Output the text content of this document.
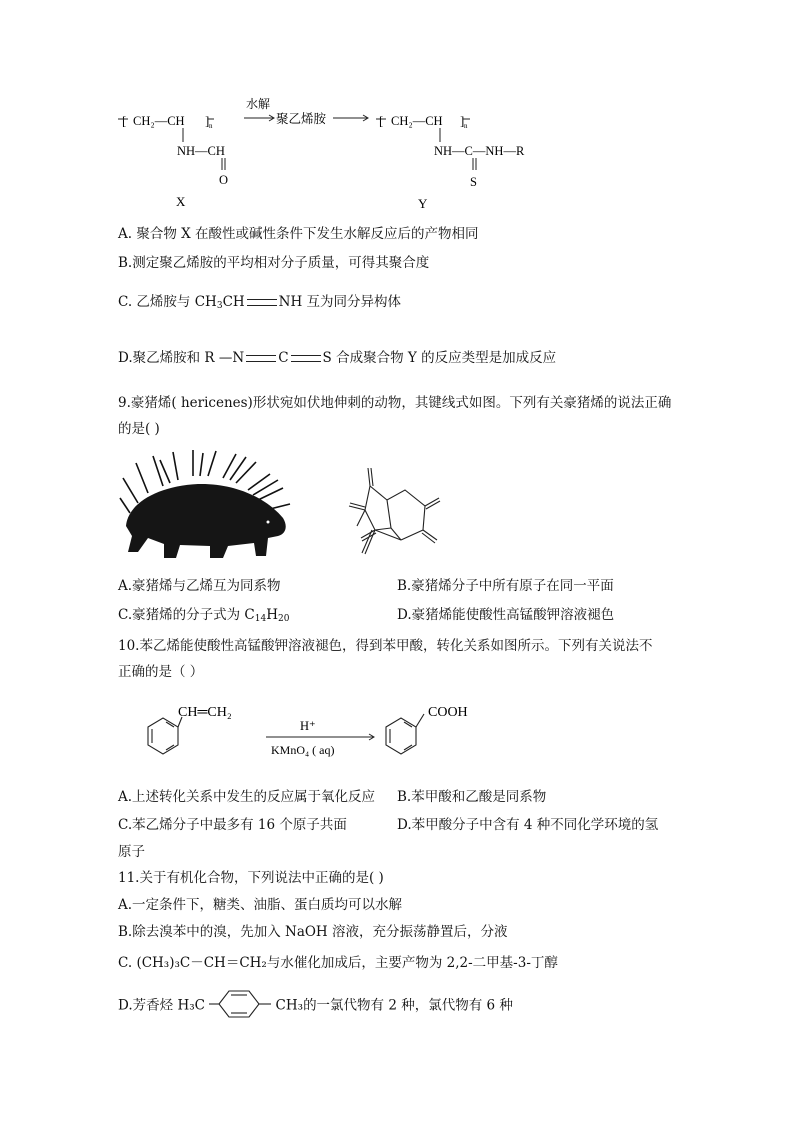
[ CH₂—CH ] n
NH—CH
O
X
水解
聚乙烯胺	[ CH₂—CH ] n
NH—C—NH—R
S
Y
A. 聚合物 X 在酸性或碱性条件下发生水解反应后的产物相同
B.测定聚乙烯胺的平均相对分子质量，可得其聚合度
C. 乙烯胺与 $CH_3CH$	NH 互为同分异构体
D.聚乙烯胺和 R —N	C	S 合成聚合物 Y 的反应类型是加成反应
9.豪猪烯( hericenes)形状宛如伏地伸刺的动物，其键线式如图。下列有关豪猪烯的说法正确
的是( )
A.豪猪烯与乙烯互为同系物	B.豪猪烯分子中所有原子在同一平面
C.豪猪烯的分子式为 $C_{14}H_{20}$	D.豪猪烯能使酸性高锰酸钾溶液褪色
10.苯乙烯能使酸性高锰酸钾溶液褪色，得到苯甲酸，转化关系如图所示。下列有关说法不
正确的是（ ）
CH═CH₂
H⁺
KMnO₄ ( aq)
COOH
A.上述转化关系中发生的反应属于氧化反应 B.苯甲酸和乙酸是同系物
C.苯乙烯分子中最多有 16 个原子共面	D.苯甲酸分子中含有 4 种不同化学环境的氢
原子
11.关于有机化合物，下列说法中正确的是( )
A.一定条件下，糖类、油脂、蛋白质均可以水解
B.除去溴苯中的溴，先加入 NaOH 溶液，充分振荡静置后，分液
C. (CH₃)₃C－CH＝CH₂与水催化加成后，主要产物为 2,2-二甲基-3-丁醇
D.芳香烃 H₃C	CH₃的一氯代物有 2 种，氯代物有 6 种
